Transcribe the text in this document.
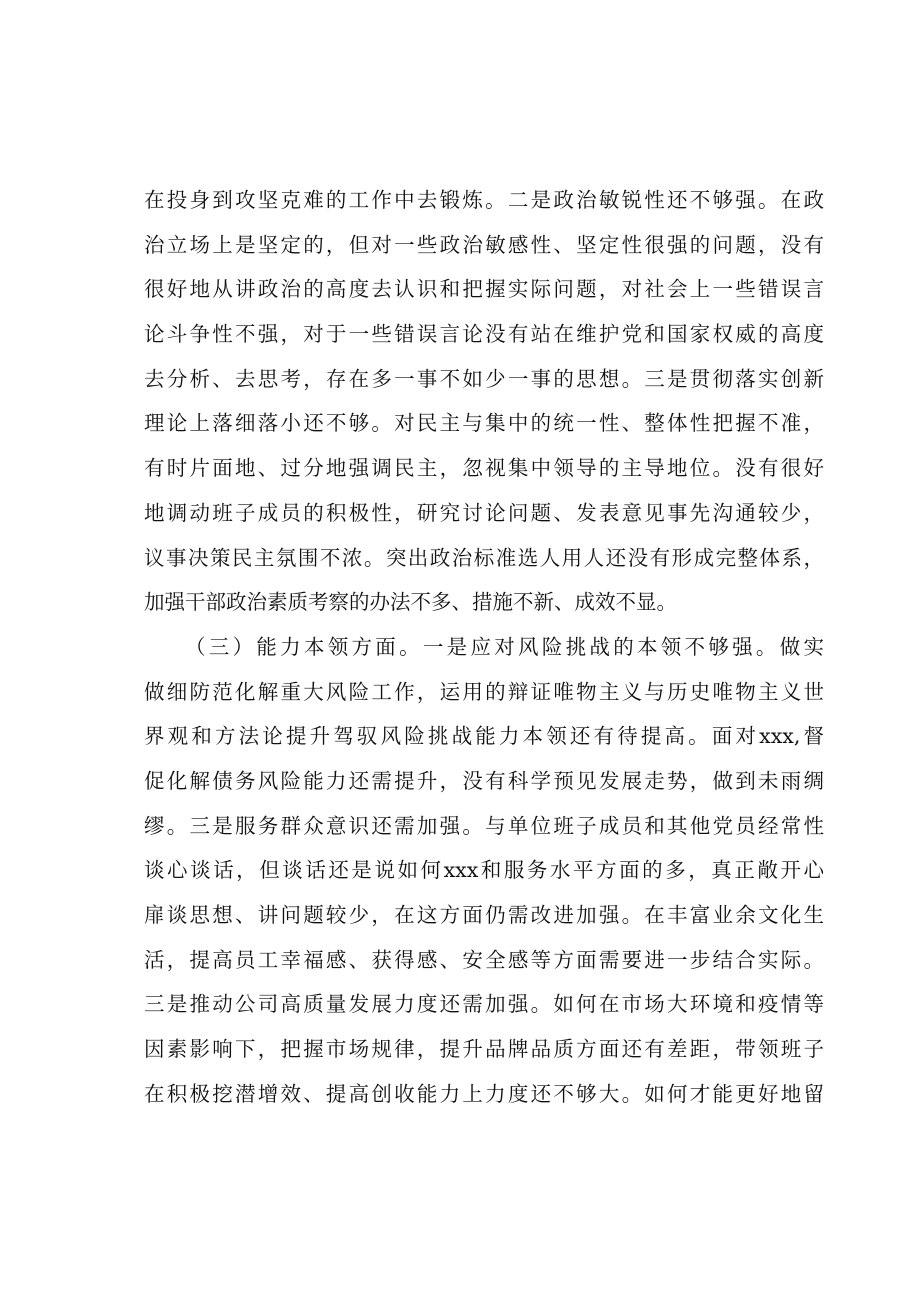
在投身到攻坚克难的工作中去锻炼。二是政治敏锐性还不够强。在政
治立场上是坚定的，但对一些政治敏感性、坚定性很强的问题，没有
很好地从讲政治的高度去认识和把握实际问题，对社会上一些错误言
论斗争性不强，对于一些错误言论没有站在维护党和国家权威的高度
去分析、去思考，存在多一事不如少一事的思想。三是贯彻落实创新
理论上落细落小还不够。对民主与集中的统一性、整体性把握不准，
有时片面地、过分地强调民主，忽视集中领导的主导地位。没有很好
地调动班子成员的积极性，研究讨论问题、发表意见事先沟通较少，
议事决策民主氛围不浓。突出政治标准选人用人还没有形成完整体系，
加强干部政治素质考察的办法不多、措施不新、成效不显。
（三）能力本领方面。一是应对风险挑战的本领不够强。做实
做细防范化解重大风险工作，运用的辩证唯物主义与历史唯物主义世
界观和方法论提升驾驭风险挑战能力本领还有待提高。面对xxx,督
促化解债务风险能力还需提升，没有科学预见发展走势，做到未雨绸
缪。三是服务群众意识还需加强。与单位班子成员和其他党员经常性
谈心谈话，但谈话还是说如何xxx和服务水平方面的多，真正敞开心
扉谈思想、讲问题较少，在这方面仍需改进加强。在丰富业余文化生
活，提高员工幸福感、获得感、安全感等方面需要进一步结合实际。
三是推动公司高质量发展力度还需加强。如何在市场大环境和疫情等
因素影响下，把握市场规律，提升品牌品质方面还有差距，带领班子
在积极挖潜增效、提高创收能力上力度还不够大。如何才能更好地留
